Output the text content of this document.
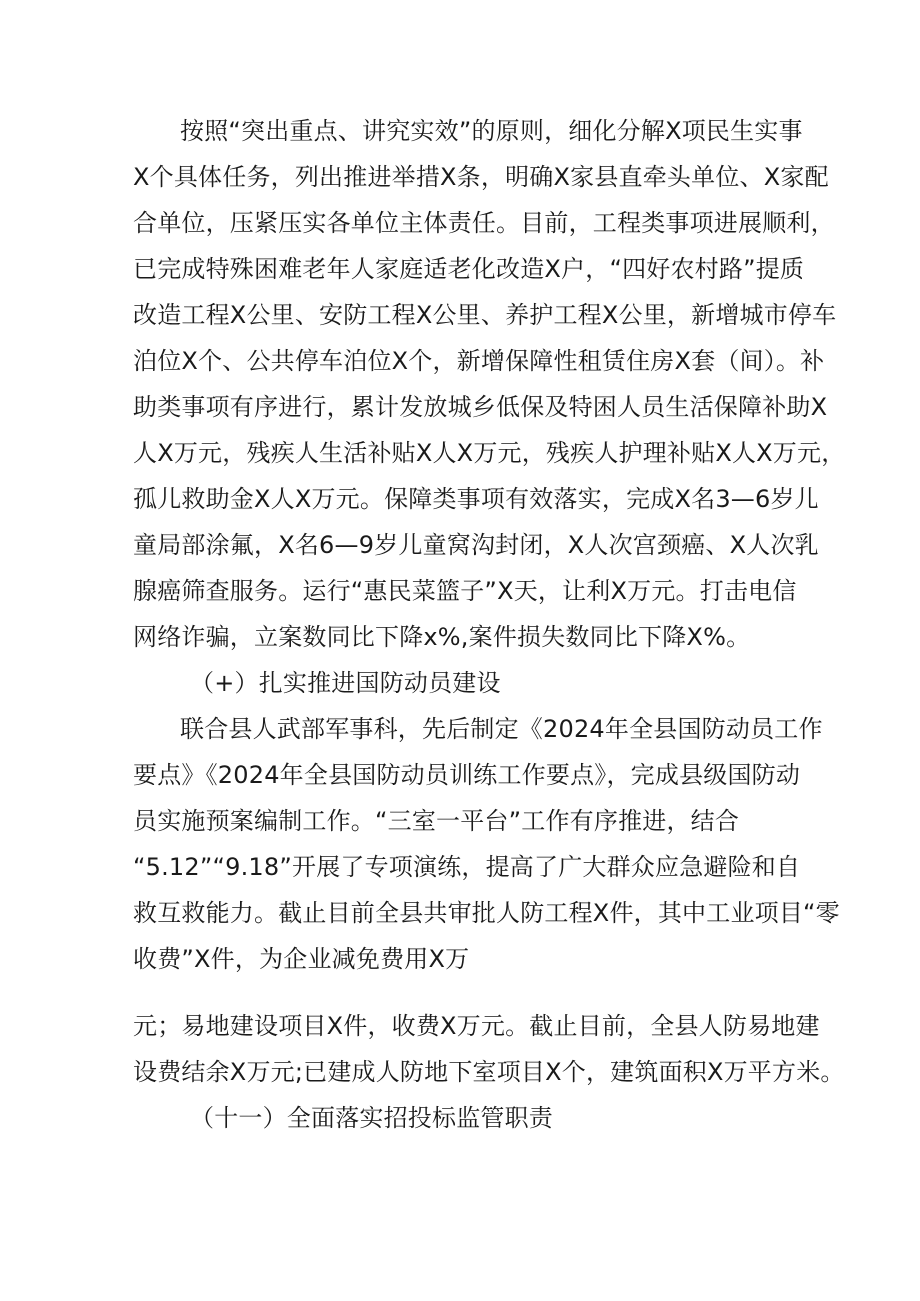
按照“突出重点、讲究实效”的原则，细化分解X项民生实事
X个具体任务，列出推进举措X条，明确X家县直牵头单位、X家配
合单位，压紧压实各单位主体责任。目前，工程类事项进展顺利，
已完成特殊困难老年人家庭适老化改造X户，“四好农村路”提质
改造工程X公里、安防工程X公里、养护工程X公里，新增城市停车
泊位X个、公共停车泊位X个，新增保障性租赁住房X套（间）。补
助类事项有序进行，累计发放城乡低保及特困人员生活保障补助X
人X万元，残疾人生活补贴X人X万元，残疾人护理补贴X人X万元，
孤儿救助金X人X万元。保障类事项有效落实，完成X名3—6岁儿
童局部涂氟，X名6—9岁儿童窝沟封闭，X人次宫颈癌、X人次乳
腺癌筛查服务。运行“惠民菜篮子”X天，让利X万元。打击电信
网络诈骗，立案数同比下降x%,案件损失数同比下降X%。
（+）扎实推进国防动员建设
联合县人武部军事科，先后制定《2024年全县国防动员工作
要点》《2024年全县国防动员训练工作要点》，完成县级国防动
员实施预案编制工作。“三室一平台”工作有序推进，结合
“5.12”“9.18”开展了专项演练，提高了广大群众应急避险和自
救互救能力。截止目前全县共审批人防工程X件，其中工业项目“零
收费”X件，为企业减免费用X万
元；易地建设项目X件，收费X万元。截止目前，全县人防易地建
设费结余X万元;已建成人防地下室项目X个，建筑面积X万平方米。
（十一）全面落实招投标监管职责
